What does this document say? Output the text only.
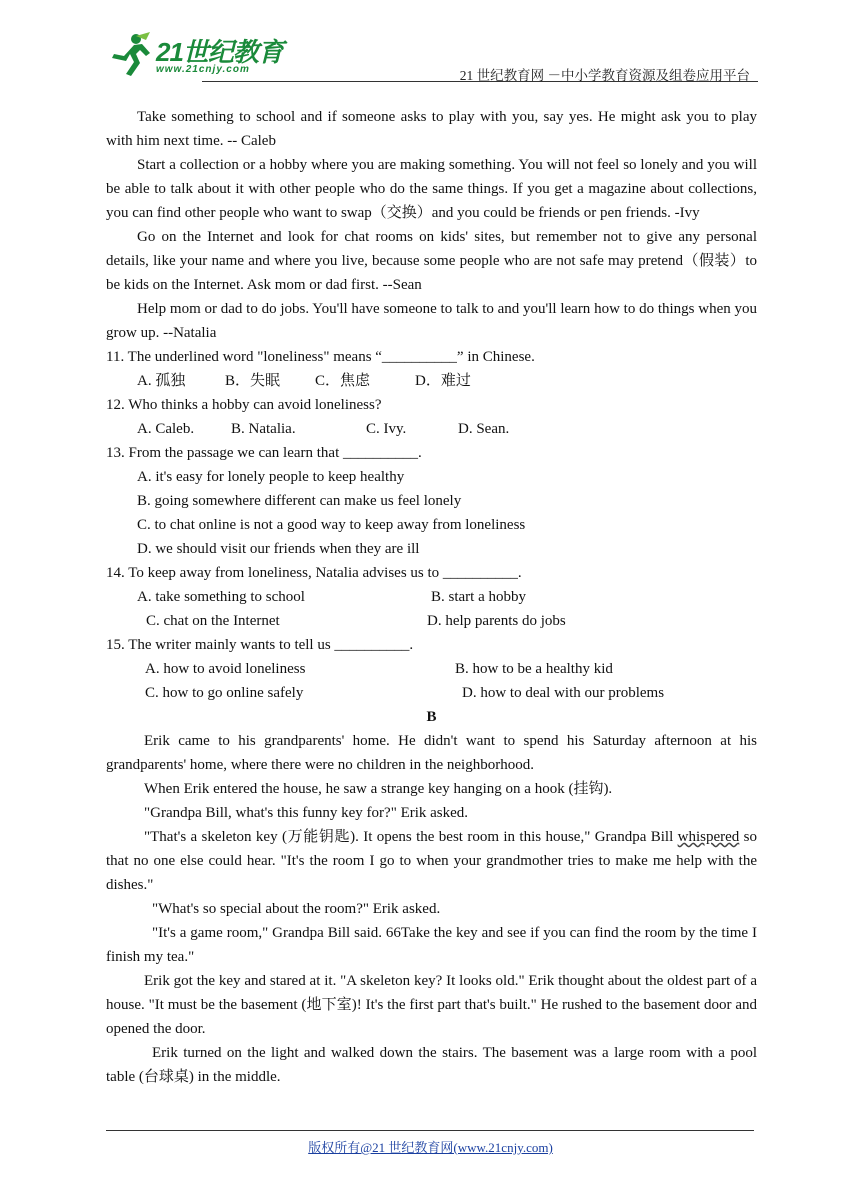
21世纪教育
www.21cnjy.com	21 世纪教育网 －中小学教育资源及组卷应用平台

Take something to school and if someone asks to play with you, say yes. He might ask you to play with him next time. -- Caleb

Start a collection or a hobby where you are making something. You will not feel so lonely and you will be able to talk about it with other people who do the same things. If you get a magazine about collections, you can find other people who want to swap（交换）and you could be friends or pen friends. -Ivy

Go on the Internet and look for chat rooms on kids' sites, but remember not to give any personal details, like your name and where you live, because some people who are not safe may pretend（假装）to be kids on the Internet. Ask mom or dad first. --Sean

Help mom or dad to do jobs. You'll have someone to talk to and you'll learn how to do things when you grow up. --Natalia

11. The underlined word "loneliness" means “__________” in Chinese.

A. 孤独	B．失眠	C．焦虑	D．难过

12. Who thinks a hobby can avoid loneliness?

A. Caleb.	B. Natalia.	C. Ivy.	D. Sean.

13. From the passage we can learn that __________.

A. it's easy for lonely people to keep healthy

B. going somewhere different can make us feel lonely

C. to chat online is not a good way to keep away from loneliness

D. we should visit our friends when they are ill

14. To keep away from loneliness, Natalia advises us to __________.

A. take something to school	B. start a hobby
C. chat on the Internet	D. help parents do jobs

15. The writer mainly wants to tell us __________.

A. how to avoid loneliness	B. how to be a healthy kid
C. how to go online safely	D. how to deal with our problems

B

Erik came to his grandparents' home. He didn't want to spend his Saturday afternoon at his grandparents' home, where there were no children in the neighborhood.

When Erik entered the house, he saw a strange key hanging on a hook (挂钩).

"Grandpa Bill, what's this funny key for?" Erik asked.

"That's a skeleton key (万能钥匙). It opens the best room in this house," Grandpa Bill whispered so that no one else could hear. "It's the room I go to when your grandmother tries to make me help with the dishes."

"What's so special about the room?" Erik asked.

"It's a game room," Grandpa Bill said. 66Take the key and see if you can find the room by the time I finish my tea."

Erik got the key and stared at it. "A skeleton key? It looks old." Erik thought about the oldest part of a house. "It must be the basement (地下室)! It's the first part that's built." He rushed to the basement door and opened the door.

Erik turned on the light and walked down the stairs. The basement was a large room with a pool table (台球桌) in the middle.

版权所有@21 世纪教育网(www.21cnjy.com)
